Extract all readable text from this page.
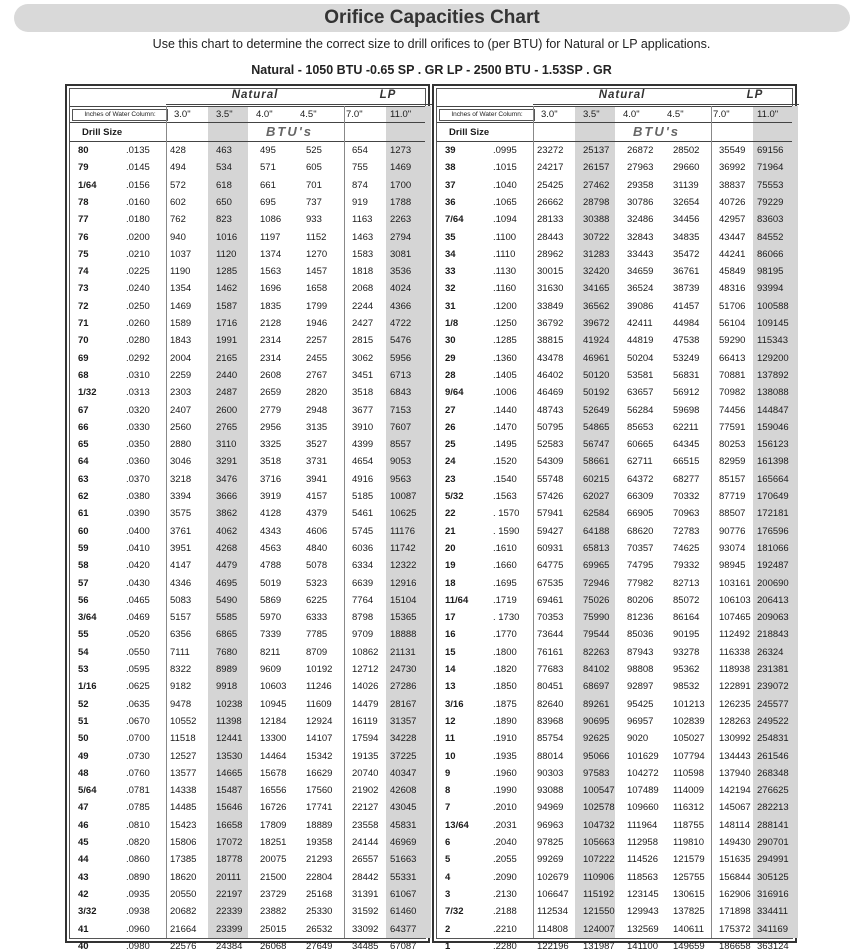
Orifice Capacities Chart
Use this chart to determine the correct size to drill orifices to (per BTU) for Natural or LP applications.
Natural - 1050 BTU -0.65 SP . GR LP - 2500 BTU - 1.53SP . GR
Natural	LP
Inches of Water Column:	3.0"	3.5" 4.0"	4.5"	7.0"	11.0"
Drill Size	BTU's
80	.0135 428	463	495	525	654 1273
79	.0145 494	534	571	605	755 1469
1/64	.0156 572	618	661	701	874 1700
78	.0160 602	650	695	737	919 1788
77	.0180 762	823	1086	933	1163 2263
76	.0200 940	1016 1197	1152	1463 2794
75	.0210 1037	1120 1374	1270	1583 3081
74	.0225 1190	1285 1563	1457	1818 3536
73	.0240 1354	1462 1696	1658	2068 4024
72	.0250 1469	1587 1835	1799	2244 4366
71	.0260 1589	1716 2128	1946	2427 4722
70	.0280 1843	1991 2314	2257	2815 5476
69	.0292 2004	2165 2314	2455	3062 5956
68	.0310 2259	2440 2608	2767	3451 6713
1/32	.0313 2303	2487 2659	2820	3518 6843
67	.0320 2407	2600 2779	2948	3677 7153
66	.0330 2560	2765 2956	3135	3910 7607
65	.0350 2880	3110 3325	3527	4399 8557
64	.0360 3046	3291 3518	3731	4654 9053
63	.0370 3218	3476 3716	3941	4916 9563
62	.0380 3394	3666 3919	4157	5185 10087
61	.0390 3575	3862 4128	4379	5461 10625
60	.0400 3761	4062 4343	4606	5745 11176
59	.0410 3951	4268 4563	4840	6036 11742
58	.0420 4147	4479 4788	5078	6334 12322
57	.0430 4346	4695 5019	5323	6639 12916
56	.0465 5083	5490 5869	6225	7764 15104
3/64	.0469 5157	5585 5970	6333	8798 15365
55	.0520 6356	6865 7339	7785	9709 18888
54	.0550 7111	7680 8211	8709	10862 21131
53	.0595 8322	8989 9609	10192 12712 24730
1/16	.0625 9182	9918 10603 11246 14026 27286
52	.0635 9478	10238 10945 11609 14479 28167
51	.0670 10552 11398 12184 12924 16119 31357
50	.0700 11518 12441 13300 14107 17594 34228
49	.0730 12527 13530 14464 15342 19135 37225
48	.0760 13577 14665 15678 16629 20740 40347
5/64	.0781 14338 15487 16556 17560 21902 42608
47	.0785 14485 15646 16726 17741 22127 43045
46	.0810 15423 16658 17809 18889 23558 45831
45	.0820 15806 17072 18251 19358 24144 46969
44	.0860 17385 18778 20075 21293 26557 51663
43	.0890 18620 20111 21500 22804 28442 55331
42	.0935 20550 22197 23729 25168 31391 61067
3/32	.0938 20682 22339 23882 25330 31592 61460
41	.0960 21664 23399 25015 26532 33092 64377
40	.0980 22576 24384 26068 27649 34485 67087
Natural	LP
Inches of Water Column:	3.0"	3.5" 4.0"	4.5"	7.0"	11.0"
Drill Size	BTU's
39	.0995 23272 25137 26872 28502 35549 69156
38	.1015 24217 26157 27963 29660 36992 71964
37	.1040 25425 27462 29358 31139 38837 75553
36	.1065 26662 28798 30786 32654 40726 79229
7/64	.1094 28133 30388 32486 34456 42957 83603
35	.1100 28443 30722 32843 34835 43447 84552
34	.1110 28962 31283 33443 35472 44241 86066
33	.1130 30015 32420 34659 36761 45849 98195
32	.1160 31630 34165 36524 38739 48316 93994
31	.1200 33849 36562 39086 41457 51706 100588
1/8	.1250 36792 39672 42411 44984 56104 109145
30	.1285 38815 41924 44819 47538 59290 115343
29	.1360 43478 46961 50204 53249 66413 129200
28	.1405 46402 50120 53581 56831 70881 137892
9/64	.1006 46469 50192 63657 56912 70982 138088
27	.1440 48743 52649 56284 59698 74456 144847
26	.1470 50795 54865 85653 62211 77591 159046
25	.1495 52583 56747 60665 64345 80253 156123
24	.1520 54309 58661 62711 66515 82959 161398
23	.1540 55748 60215 64372 68277 85157 165664
5/32	.1563 57426 62027 66309 70332 87719 170649
22	. 1570 57941 62584 66905 70963 88507 172181
21	. 1590 59427 64188 68620 72783 90776 176596
20	.1610 60931 65813 70357 74625 93074 181066
19	.1660 64775 69965 74795 79332 98945 192487
18	.1695 67535 72946 77982 82713 103161 200690
11/64	.1719 69461 75026 80206 85072 106103 206413
17	. 1730 70353 75990 81236 86164 107465 209063
16	.1770 73644 79544 85036 90195 112492 218843
15	.1800 76161 82263 87943 93278 116338 26324
14	.1820 77683 84102 98808 95362 118938 231381
13	.1850 80451 68697 92897 98532 122891 239072
3/16	.1875 82640 89261 95425 101213 126235 245577
12	.1890 83968 90695 96957 102839 128263 249522
11	.1910 85754 92625 9020	105027 130992 254831
10	.1935 88014 95066 101629 107794 134443 261546
9	.1960 90303 97583 104272 110598 137940 268348
8	.1990 93088 100547 107489 114009 142194 276625
7	.2010 94969 102578 109660 116312 145067 282213
13/64	.2031 96963 104732 111964 118755 148114 288141
6	.2040 97825 105663 112958 119810 149430 290701
5	.2055 99269 107222 114526 121579 151635 294991
4	.2090 102679 110906 118563 125755 156844 305125
3	.2130 106647 115192 123145 130615 162906 316916
7/32	.2188 112534 121550 129943 137825 171898 334411
2	.2210 114808 124007 132569 140611 175372 341169
1	.2280 122196 131987 141100 149659 186658 363124
